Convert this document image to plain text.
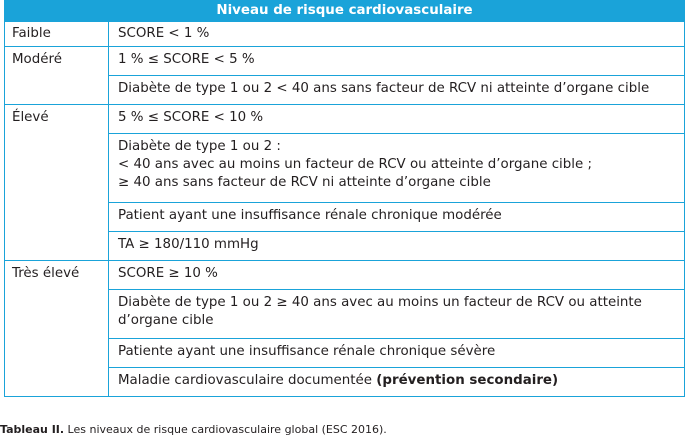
Niveau de risque cardiovasculaire	
Faible	SCORE < 1 %
Modéré	1 % ≤ SCORE < 5 %
	Diabète de type 1 ou 2 < 40 ans sans facteur de RCV ni atteinte d’organe cible
Élevé	5 % ≤ SCORE < 10 %

	Diabète de type 1 ou 2 :
< 40 ans avec au moins un facteur de RCV ou atteinte d’organe cible ;
≥ 40 ans sans facteur de RCV ni atteinte d’organe cible

	Patient ayant une insuffisance rénale chronique modérée
	TA ≥ 180/110 mmHg
Très élevé	SCORE ≥ 10 %
	Diabète de type 1 ou 2 ≥ 40 ans avec au moins un facteur de RCV ou atteinte d’organe cible
	Patiente ayant une insuffisance rénale chronique sévère
	Maladie cardiovasculaire documentée (prévention secondaire)
Tableau II. Les niveaux de risque cardiovasculaire global (ESC 2016).
